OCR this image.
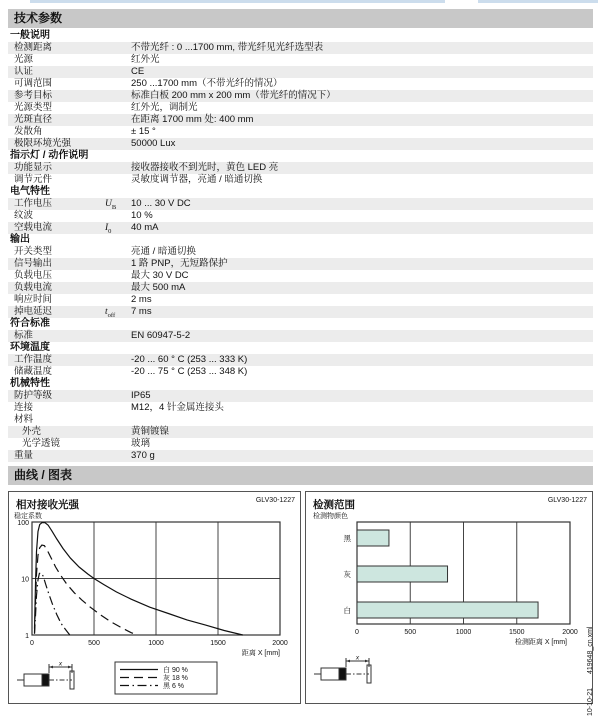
技术参数
一般说明
检测距离	不带光纤 : 0 ...1700 mm, 带光纤见光纤选型表
光源	红外光
认证	CE
可调范围	250 ...1700 mm（不带光纤的情况）
参考目标	标准白板 200 mm x 200 mm（带光纤的情况下）
光源类型	红外光，调制光
光斑直径	在距离 1700 mm 处: 400 mm
发散角	± 15 °
极限环境光强	50000 Lux
指示灯 / 动作说明
功能显示	接收器接收不到光时，黄色 LED 亮
调节元件	灵敏度调节器，亮通 / 暗通切换
电气特性
工作电压	$U_B$	10 ... 30 V DC
纹波	10 %
空载电流	$I_0$	40 mA
输出
开关类型	亮通 / 暗通切换
信号输出	1 路 PNP，无短路保护
负载电压	最大 30 V DC
负载电流	最大 500 mA
响应时间	2 ms
掉电延迟	$t_{off}$	7 ms
符合标准
标准	EN 60947-5-2
环境温度
工作温度	-20 ... 60 ° C (253 ... 333 K)
储藏温度	-20 ... 75 ° C (253 ... 348 K)
机械特性
防护等级	IP65
连接	M12，4 针金属连接头
材料
外壳	黄铜镀镍
光学透镜	玻璃
重量	370 g
曲线 / 图表
相对接收光强	GLV30-1227
稳定系数
距离 X [mm]
1
10
100
0	500	1000	1500	2000
白 90 %
灰 18 %
黑 6 %
x
检测范围	GLV30-1227
检测物颜色
检测距离 X [mm]
黑
灰
白
0	500	1000	1500	2000
x
10-10-21 419648_cn.xml
